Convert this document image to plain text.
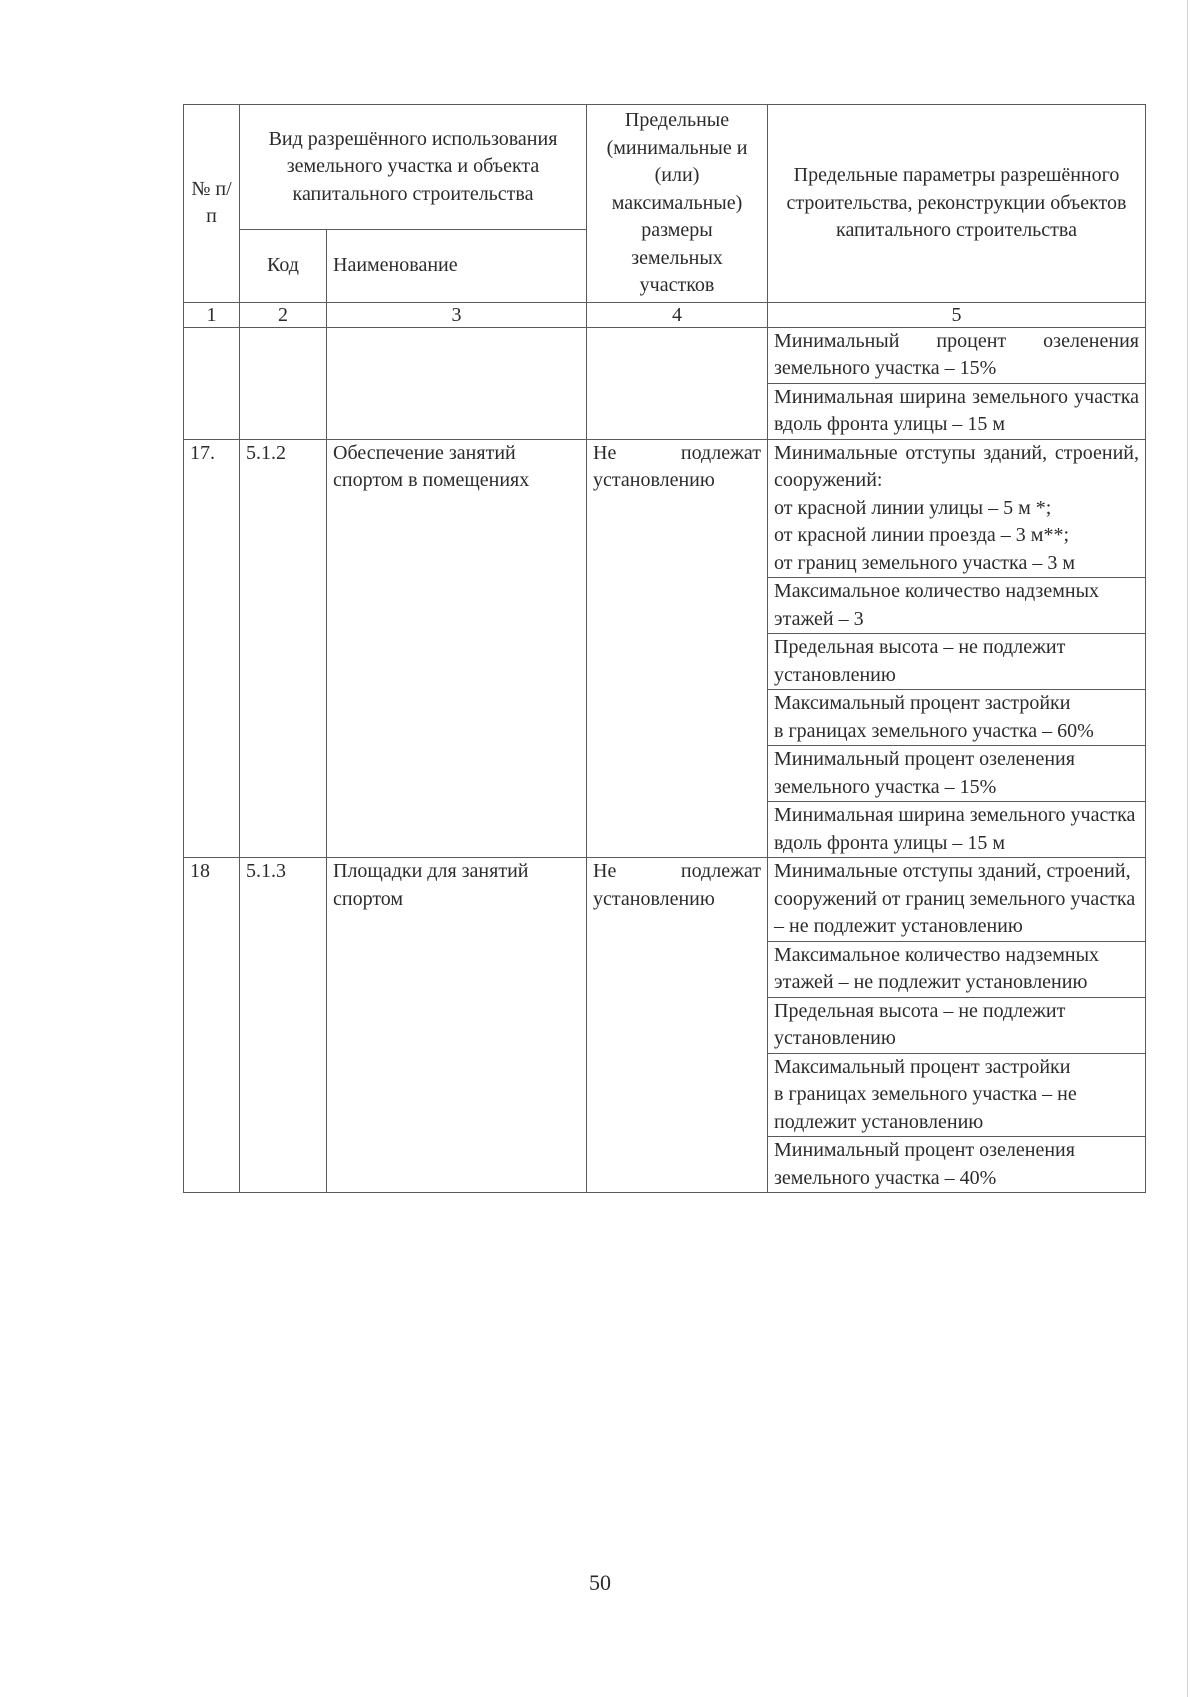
№ п/п	Вид разрешённого использования земельного участка и объекта капитального строительства		Предельные (минимальные и (или) максимальные) размеры земельных участков	Предельные параметры разрешённого строительства, реконструкции объектов капитального строительства
	Код	Наименование		
1	2	3	4	5
				Минимальный процент озеленения земельного участка – 15%
				Минимальная ширина земельного участка вдоль фронта улицы – 15 м
17.	5.1.2	Обеспечение занятий спортом в помещениях	Не подлежат установлению	Минимальные отступы зданий, строений, сооружений:
от красной линии улицы – 5 м *;
от красной линии проезда – 3 м**;
от границ земельного участка – 3 м
				Максимальное количество надземных этажей – 3
				Предельная высота – не подлежит установлению
				Максимальный процент застройки
в границах земельного участка – 60%
				Минимальный процент озеленения земельного участка – 15%
				Минимальная ширина земельного участка вдоль фронта улицы – 15 м
18	5.1.3	Площадки для занятий спортом	Не подлежат установлению	Минимальные отступы зданий, строений, сооружений от границ земельного участка – не подлежит установлению
				Максимальное количество надземных этажей – не подлежит установлению
				Предельная высота – не подлежит установлению
				Максимальный процент застройки
в границах земельного участка – не подлежит установлению
				Минимальный процент озеленения земельного участка – 40%
50
